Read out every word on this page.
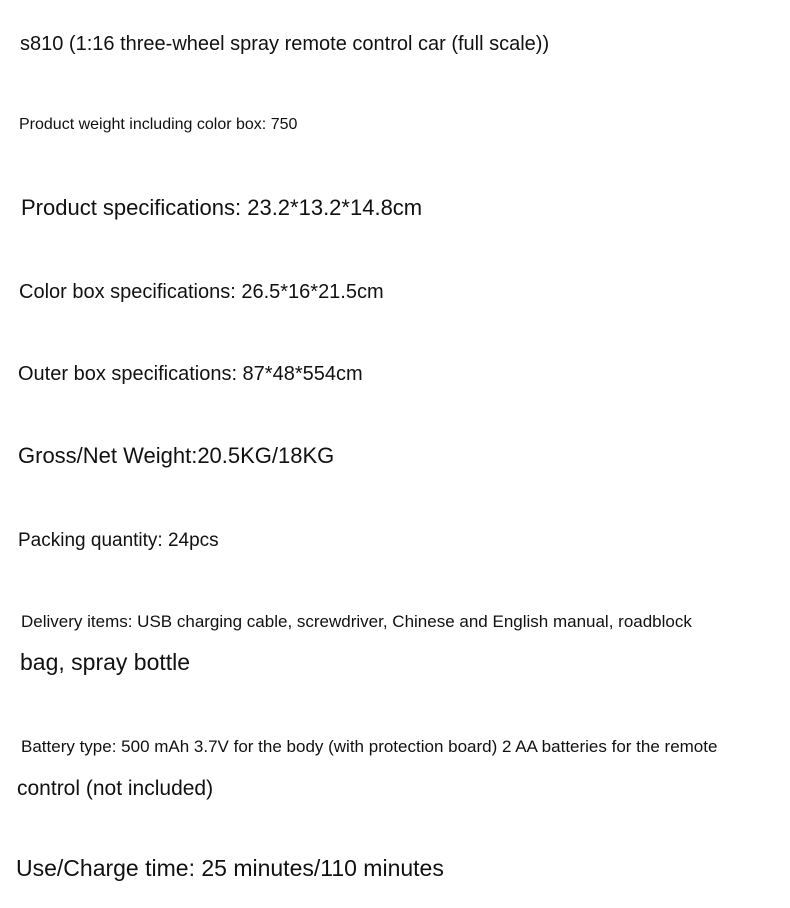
s810 (1:16 three-wheel spray remote control car (full scale))
Product weight including color box: 750
Product specifications: 23.2*13.2*14.8cm
Color box specifications: 26.5*16*21.5cm
Outer box specifications: 87*48*554cm
Gross/Net Weight:20.5KG/18KG
Packing quantity: 24pcs
Delivery items: USB charging cable, screwdriver, Chinese and English manual, roadblock
bag, spray bottle
Battery type: 500 mAh 3.7V for the body (with protection board) 2 AA batteries for the remote
control (not included)
Use/Charge time: 25 minutes/110 minutes
